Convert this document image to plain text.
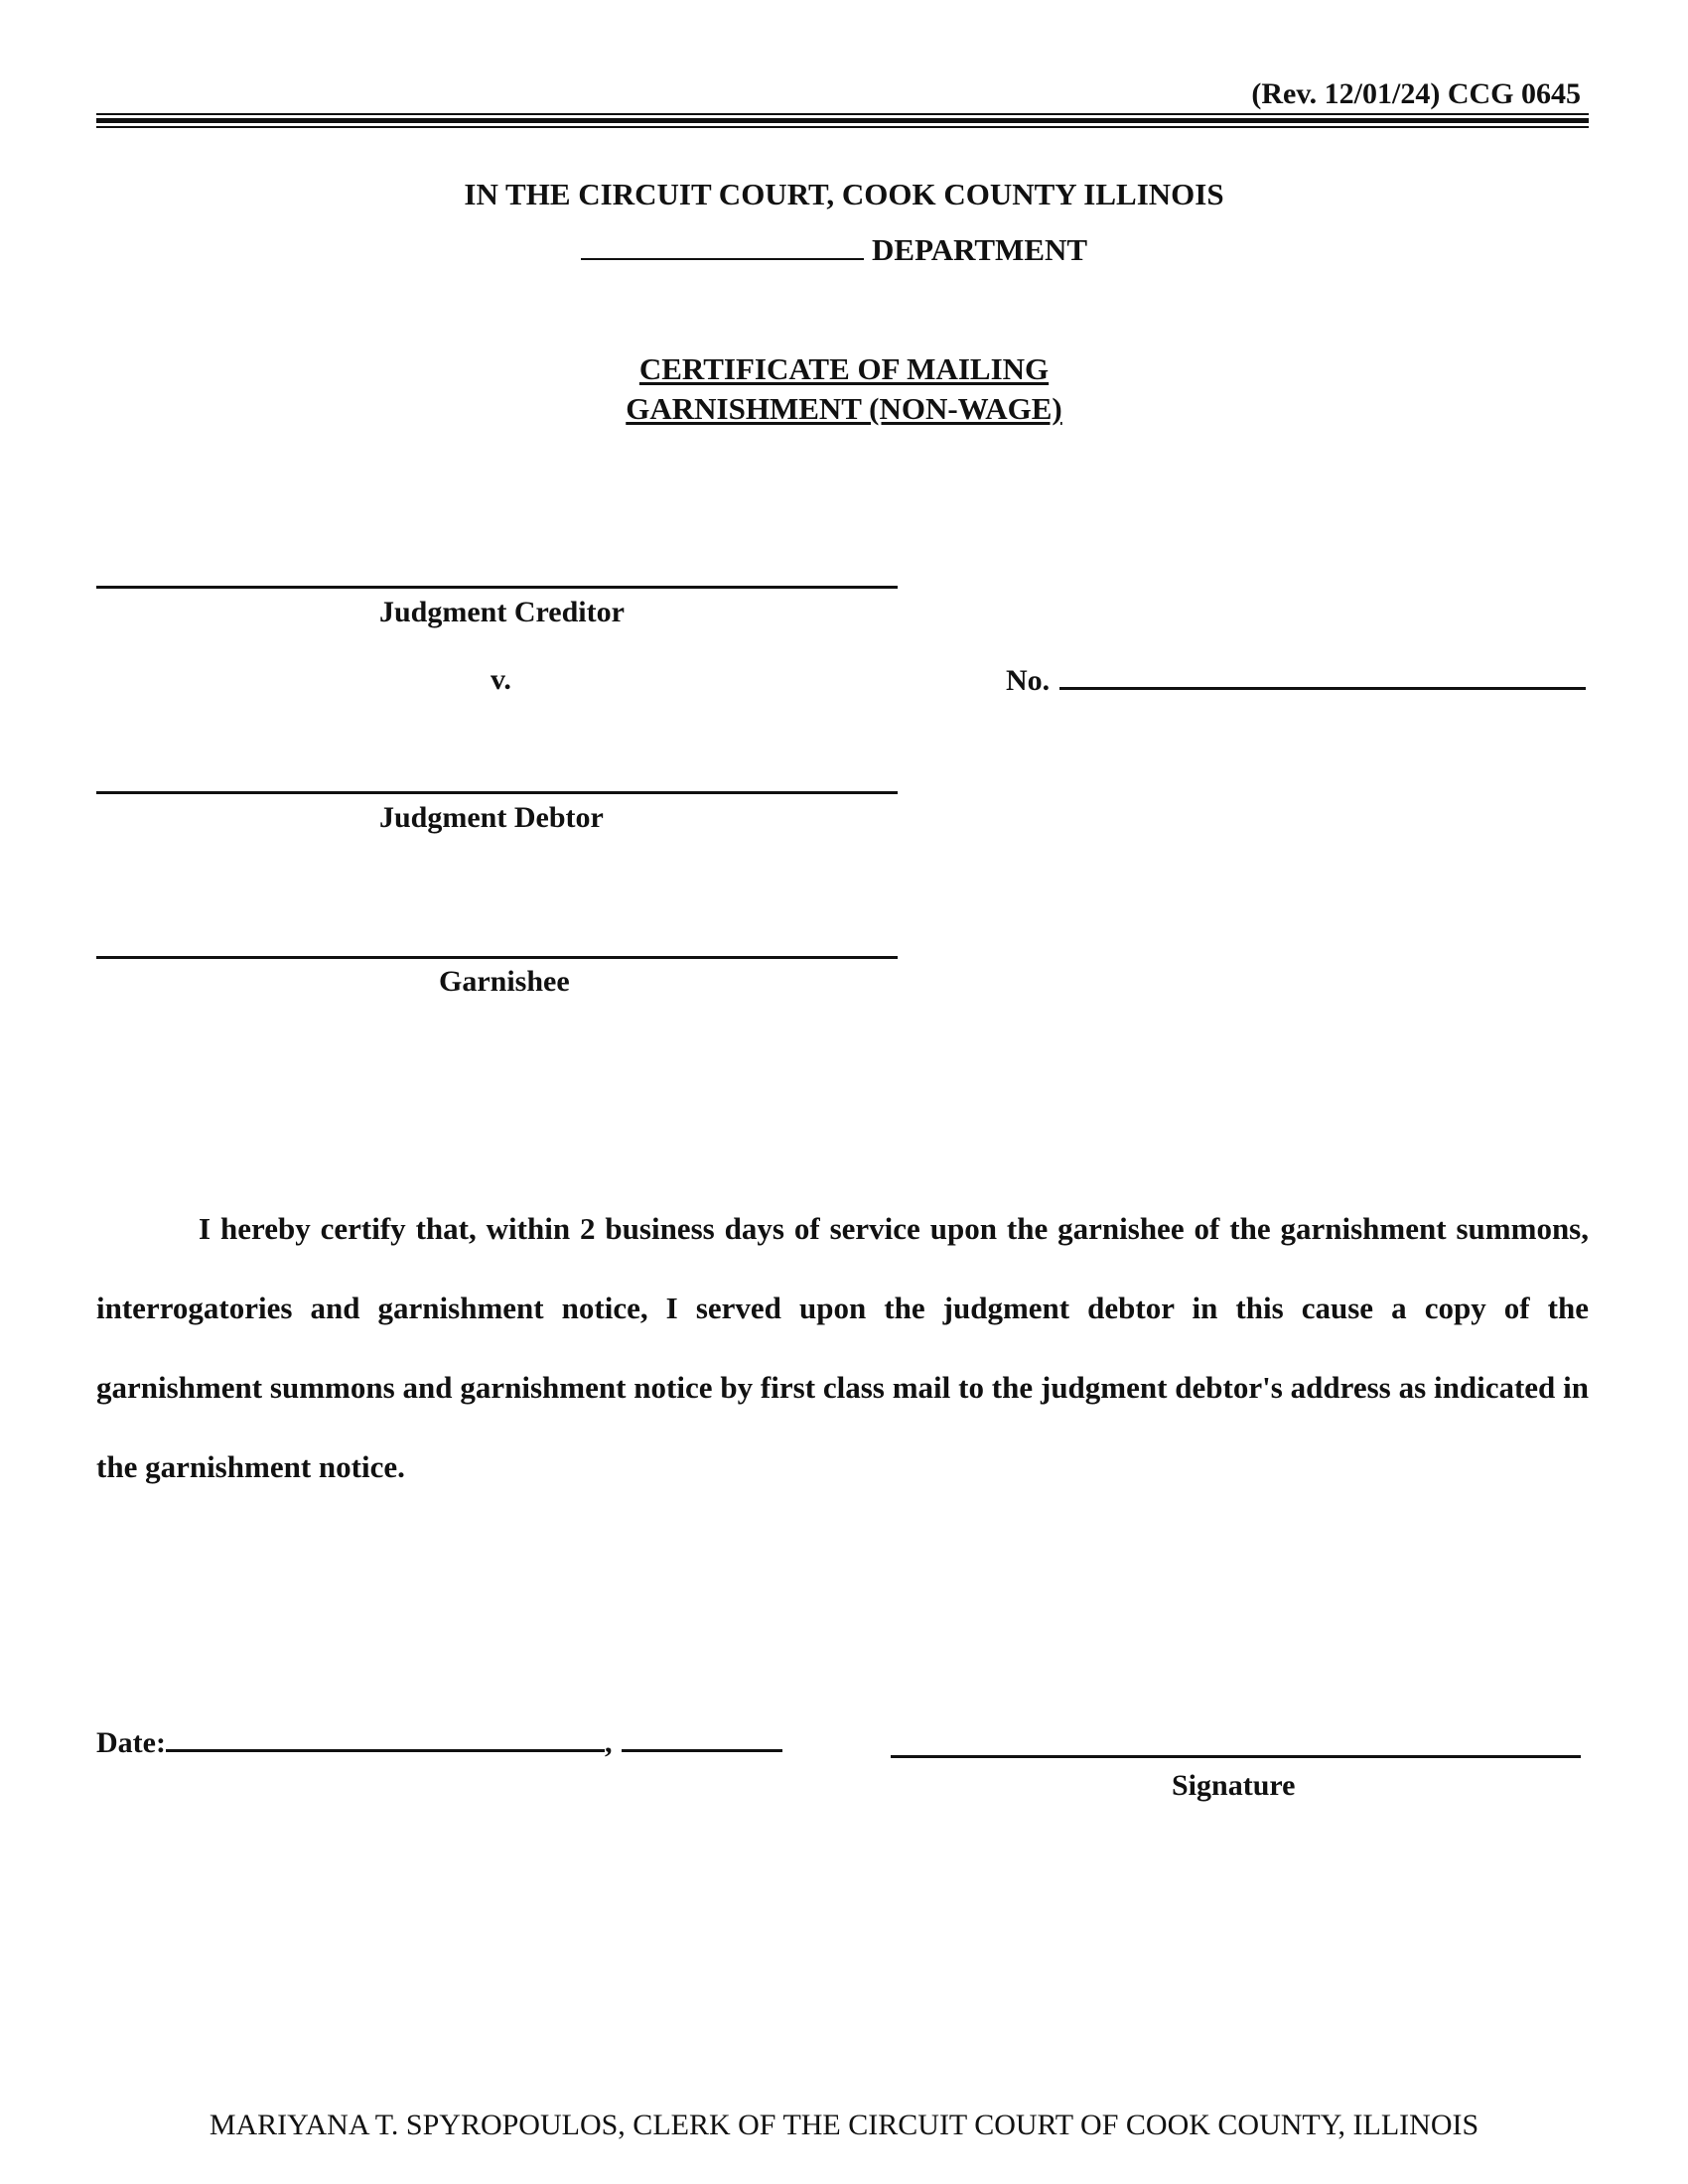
(Rev. 12/01/24) CCG 0645
IN THE CIRCUIT COURT, COOK COUNTY ILLINOIS
DEPARTMENT
CERTIFICATE OF MAILING
GARNISHMENT (NON-WAGE)
Judgment Creditor
v.	No.
Judgment Debtor
Garnishee
I hereby certify that, within 2 business days of service upon the garnishee of the garnishment summons, interrogatories and garnishment notice, I served upon the judgment debtor in this cause a copy of the garnishment summons and garnishment notice by first class mail to the judgment debtor's address as indicated in the garnishment notice.
Date:	,
Signature
MARIYANA T. SPYROPOULOS, CLERK OF THE CIRCUIT COURT OF COOK COUNTY, ILLINOIS
